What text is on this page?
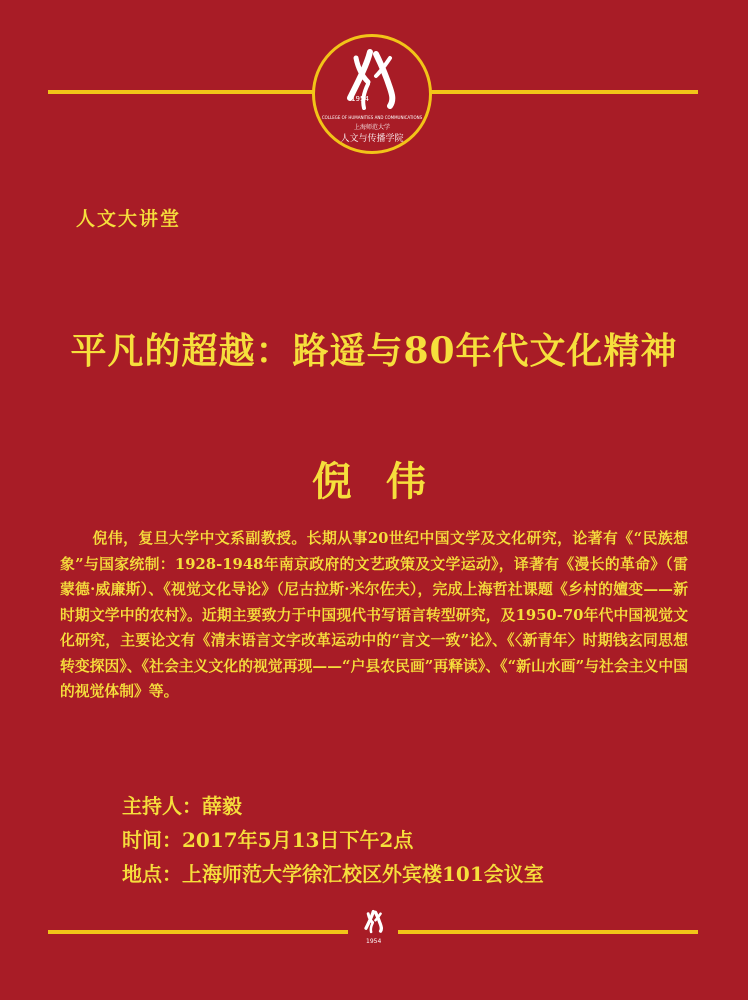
1954
COLLEGE OF HUMANITIES AND COMMUNICATIONS
上海师范大学
人文与传播学院
人文大讲堂
平凡的超越：路遥与80年代文化精神
倪 伟
倪伟，复旦大学中文系副教授。长期从事20世纪中国文学及文化研究，论著有《“民族想象”与国家统制：1928-1948年南京政府的文艺政策及文学运动》，译著有《漫长的革命》（雷蒙德·威廉斯）、《视觉文化导论》（尼古拉斯·米尔佐夫），完成上海哲社课题《乡村的嬗变——新时期文学中的农村》。近期主要致力于中国现代书写语言转型研究，及1950-70年代中国视觉文化研究，主要论文有《清末语言文字改革运动中的“言文一致”论》、《〈新青年〉时期钱玄同思想转变探因》、《社会主义文化的视觉再现——“户县农民画”再释读》、《“新山水画”与社会主义中国的视觉体制》等。
主持人：薛毅
时间：2017年5月13日下午2点
地点：上海师范大学徐汇校区外宾楼101会议室
1954
